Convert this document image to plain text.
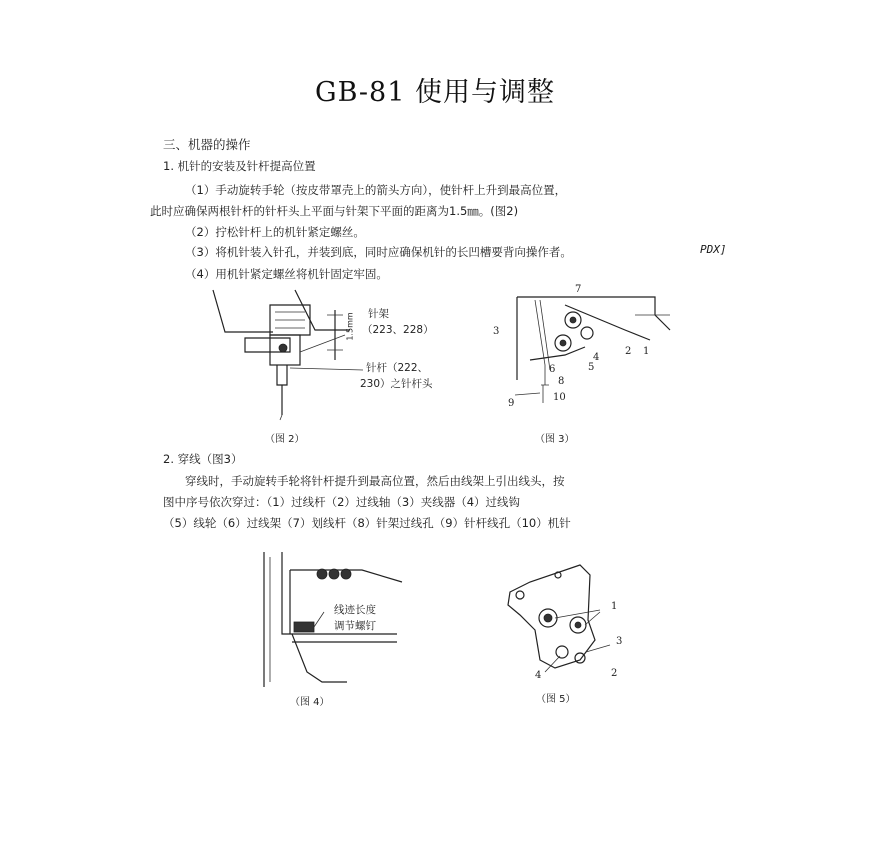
GB-81 使用与调整
三、机器的操作
1. 机针的安装及针杆提高位置
（1）手动旋转手轮（按皮带罩壳上的箭头方向），使针杆上升到最高位置，
此时应确保两根针杆的针杆头上平面与针架下平面的距离为1.5㎜。(图2)
（2）拧松针杆上的机针紧定螺丝。
（3）将机针装入针孔，并装到底，同时应确保机针的长凹槽要背向操作者。	PDX]
（4）用机针紧定螺丝将机针固定牢固。
针架
（223、228）
针杆（222、
230）之针杆头
1.5mm
（图 2）
7
3
2 1
4
5
6
8
9
10
（图 3）
2. 穿线（图3）
穿线时，手动旋转手轮将针杆提升到最高位置，然后由线架上引出线头，按
图中序号依次穿过：（1）过线杆（2）过线轴（3）夹线器（4）过线钩
（5）线轮（6）过线架（7）划线杆（8）针架过线孔（9）针杆线孔（10）机针
线迹长度
调节螺钉
（图 4）
1
3
2
4
（图 5）
